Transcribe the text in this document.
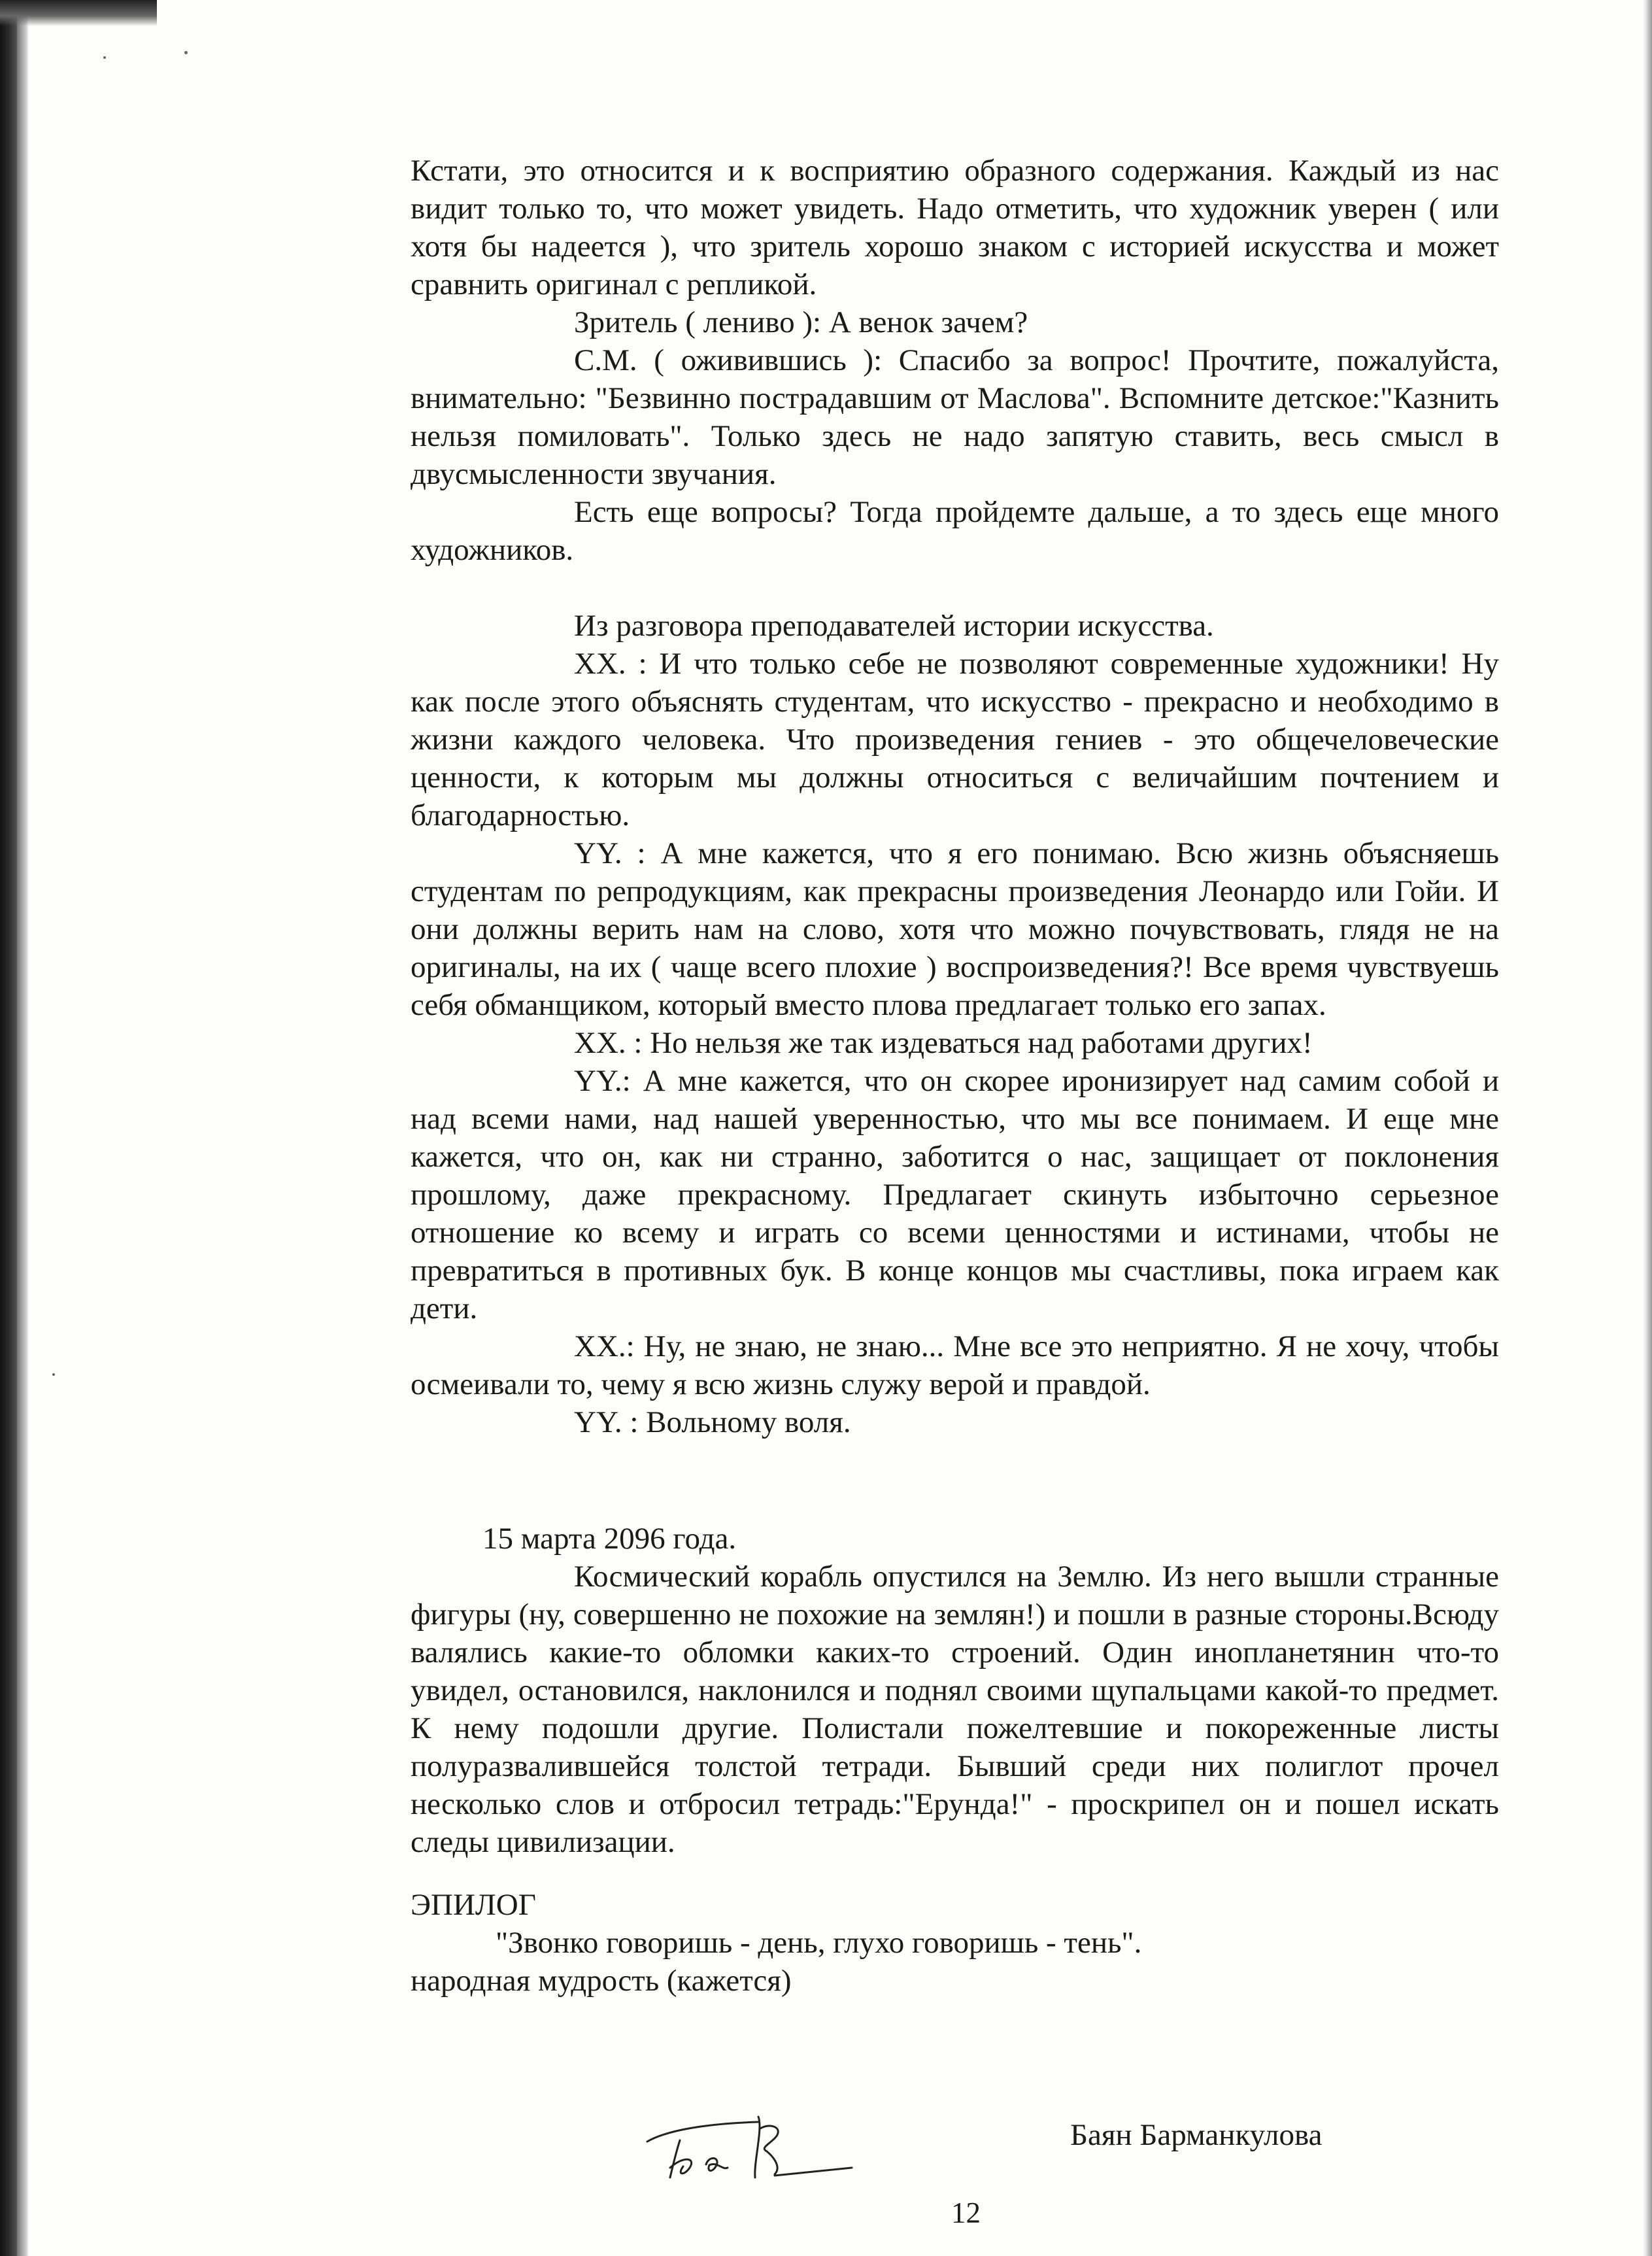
Кстати, это относится и к восприятию образного содержания. Каждый из нас видит только то, что может увидеть. Надо отметить, что художник уверен ( или хотя бы надеется ), что зритель хорошо знаком с историей искусства и может сравнить оригинал с репликой.

Зритель ( лениво ): А венок зачем?

С.М. ( оживившись ): Спасибо за вопрос! Прочтите, пожалуйста, внимательно: "Безвинно пострадавшим от Маслова". Вспомните детское:"Казнить нельзя помиловать". Только здесь не надо запятую ставить, весь смысл в двусмысленности звучания.

Есть еще вопросы? Тогда пройдемте дальше, а то здесь еще много художников.

Из разговора преподавателей истории искусства.

XX. : И что только себе не позволяют современные художники! Ну как после этого объяснять студентам, что искусство - прекрасно и необходимо в жизни каждого человека. Что произведения гениев - это общечеловеческие ценности, к которым мы должны относиться с величайшим почтением и благодарностью.

YY. : А мне кажется, что я его понимаю. Всю жизнь объясняешь студентам по репродукциям, как прекрасны произведения Леонардо или Гойи. И они должны верить нам на слово, хотя что можно почувствовать, глядя не на оригиналы, на их ( чаще всего плохие ) воспроизведения?! Все время чувствуешь себя обманщиком, который вместо плова предлагает только его запах.

XX. : Но нельзя же так издеваться над работами других!

YY.: А мне кажется, что он скорее иронизирует над самим собой и над всеми нами, над нашей уверенностью, что мы все понимаем. И еще мне кажется, что он, как ни странно, заботится о нас, защищает от поклонения прошлому, даже прекрасному. Предлагает скинуть избыточно серьезное отношение ко всему и играть со всеми ценностями и истинами, чтобы не превратиться в противных бук. В конце концов мы счастливы, пока играем как дети.

XX.: Ну, не знаю, не знаю... Мне все это неприятно. Я не хочу, чтобы осмеивали то, чему я всю жизнь служу верой и правдой.

YY. : Вольному воля.

15 марта 2096 года.

Космический корабль опустился на Землю. Из него вышли странные фигуры (ну, совершенно не похожие на землян!) и пошли в разные стороны.Всюду валялись какие-то обломки каких-то строений. Один инопланетянин что-то увидел, остановился, наклонился и поднял своими щупальцами какой-то предмет. К нему подошли другие. Полистали пожелтевшие и покореженные листы полуразвалившейся толстой тетради. Бывший среди них полиглот прочел несколько слов и отбросил тетрадь:"Ерунда!" - проскрипел он и пошел искать следы цивилизации.

ЭПИЛОГ

"Звонко говоришь - день, глухо говоришь - тень".

народная мудрость (кажется)

Баян Барманкулова
12
